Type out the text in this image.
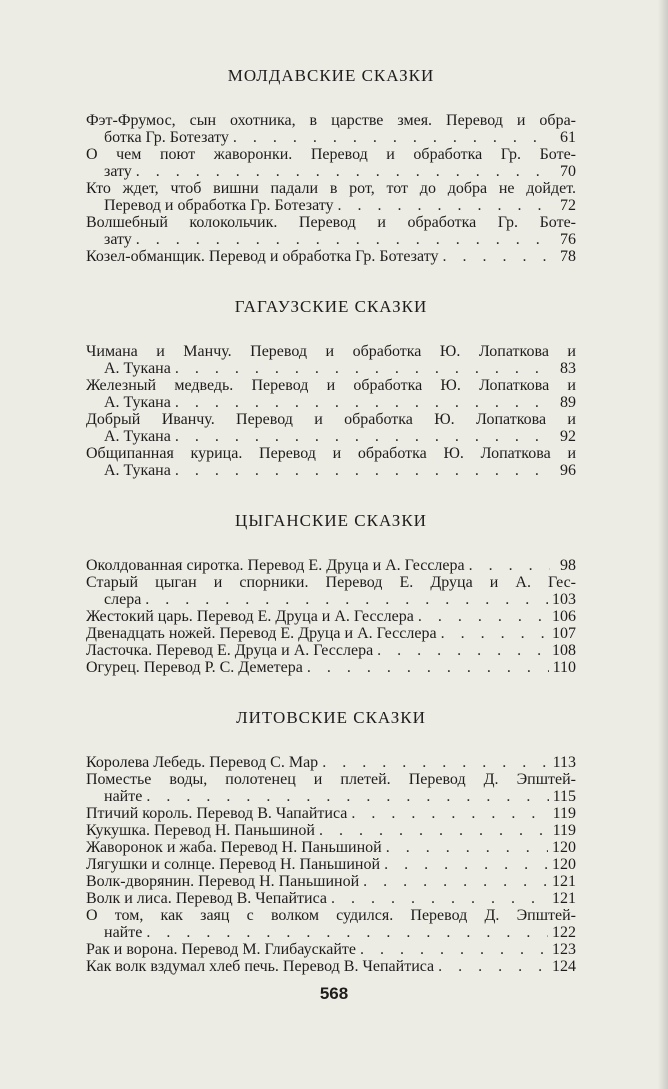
МОЛДАВСКИЕ СКАЗКИ
Фэт-Фрумос, сын охотника, в царстве змея. Перевод и обра-
ботка Гр. Ботезату . . .	61
О чем поют жаворонки. Перевод и обработка Гр. Боте-
зату . . .	70
Кто ждет, чтоб вишни падали в рот, тот до добра не дойдет.
Перевод и обработка Гр. Ботезату . . .	72
Волшебный колокольчик. Перевод и обработка Гр. Боте-
зату . . .	76
Козел-обманщик. Перевод и обработка Гр. Ботезату . . .	78
ГАГАУЗСКИЕ СКАЗКИ
Чимана и Манчу. Перевод и обработка Ю. Лопаткова и
А. Тукана . . .	83
Железный медведь. Перевод и обработка Ю. Лопаткова и
А. Тукана . . .	89
Добрый Иванчу. Перевод и обработка Ю. Лопаткова и
А. Тукана . . .	92
Общипанная курица. Перевод и обработка Ю. Лопаткова и
А. Тукана . . .	96
ЦЫГАНСКИЕ СКАЗКИ
Околдованная сиротка. Перевод Е. Друца и А. Гесслера . . .	98
Старый цыган и спорники. Перевод Е. Друца и А. Гес-
слера . . .	103
Жестокий царь. Перевод Е. Друца и А. Гесслера . . .	106
Двенадцать ножей. Перевод Е. Друца и А. Гесслера . . .	107
Ласточка. Перевод Е. Друца и А. Гесслера . . .	108
Огурец. Перевод Р. С. Деметера . . .	110
ЛИТОВСКИЕ СКАЗКИ
Королева Лебедь. Перевод С. Мар . . .	113
Поместье воды, полотенец и плетей. Перевод Д. Эпштей-
найте . . .	115
Птичий король. Перевод В. Чапайтиса . . .	119
Кукушка. Перевод Н. Паньшиной . . .	119
Жаворонок и жаба. Перевод Н. Паньшиной . . .	120
Лягушки и солнце. Перевод Н. Паньшиной . . .	120
Волк-дворянин. Перевод Н. Паньшиной . . .	121
Волк и лиса. Перевод В. Чепайтиса . . .	121
О том, как заяц с волком судился. Перевод Д. Эпштей-
найте . . .	122
Рак и ворона. Перевод М. Глибаускайте . . .	123
Как волк вздумал хлеб печь. Перевод В. Чепайтиса . . .	124
568
